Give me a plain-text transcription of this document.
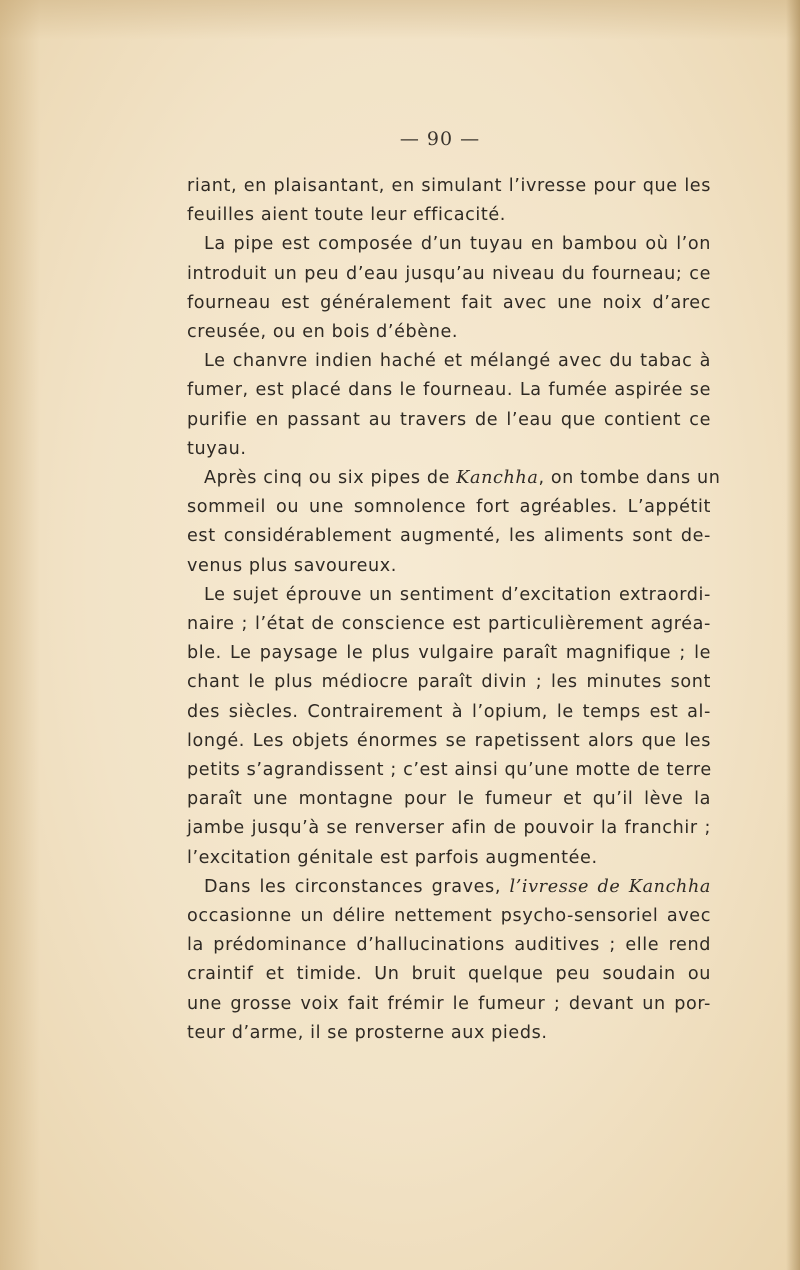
— 90 —
riant, en plaisantant, en simulant l’ivresse pour que les
feuilles aient toute leur efficacité.
La pipe est composée d’un tuyau en bambou où l’on
introduit un peu d’eau jusqu’au niveau du fourneau; ce
fourneau est généralement fait avec une noix d’arec
creusée, ou en bois d’ébène.
Le chanvre indien haché et mélangé avec du tabac à
fumer, est placé dans le fourneau. La fumée aspirée se
purifie en passant au travers de l’eau que contient ce
tuyau.
Après cinq ou six pipes de Kanchha, on tombe dans un
sommeil ou une somnolence fort agréables. L’appétit
est considérablement augmenté, les aliments sont de-
venus plus savoureux.
Le sujet éprouve un sentiment d’excitation extraordi-
naire ; l’état de conscience est particulièrement agréa-
ble. Le paysage le plus vulgaire paraît magnifique ; le
chant le plus médiocre paraît divin ; les minutes sont
des siècles. Contrairement à l’opium, le temps est al-
longé. Les objets énormes se rapetissent alors que les
petits s’agrandissent ; c’est ainsi qu’une motte de terre
paraît une montagne pour le fumeur et qu’il lève la
jambe jusqu’à se renverser afin de pouvoir la franchir ;
l’excitation génitale est parfois augmentée.
Dans les circonstances graves, l’ivresse de Kanchha
occasionne un délire nettement psycho-sensoriel avec
la prédominance d’hallucinations auditives ; elle rend
craintif et timide. Un bruit quelque peu soudain ou
une grosse voix fait frémir le fumeur ; devant un por-
teur d’arme, il se prosterne aux pieds.
